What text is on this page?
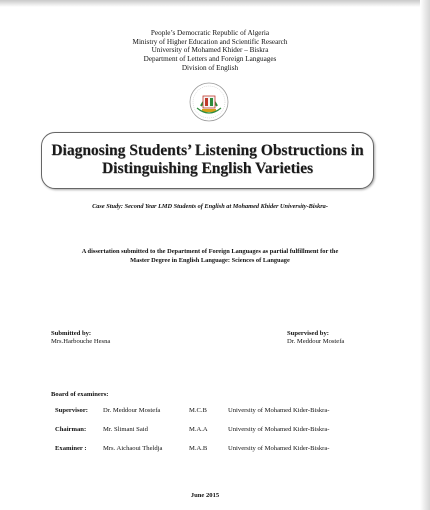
People’s Democratic Republic of Algeria
Ministry of Higher Education and Scientific Research
University of Mohamed Khider – Biskra
Department of Letters and Foreign Languages
Division of English
Diagnosing Students’ Listening Obstructions in
Distinguishing English Varieties
Case Study: Second Year LMD Students of English at Mohamed Khider University-Biskra-
A dissertation submitted to the Department of Foreign Languages as partial fulfillment for the
Master Degree in English Language: Sciences of Language
Submitted by:
Mrs.Harbouche Hesna
Supervised by:
Dr. Meddour Mostefa
Board of examiners:
Supervisor: Dr. Meddour Mostefa	M.C.B	University of Mohamed Kider-Biskra-
Chairman:	Mr. Slimani Said	M.A.A	University of Mohamed Kider-Biskra-
Examiner : Mrs. Aichaoui Theldja	M.A.B	University of Mohamed Kider-Biskra-
June 2015
